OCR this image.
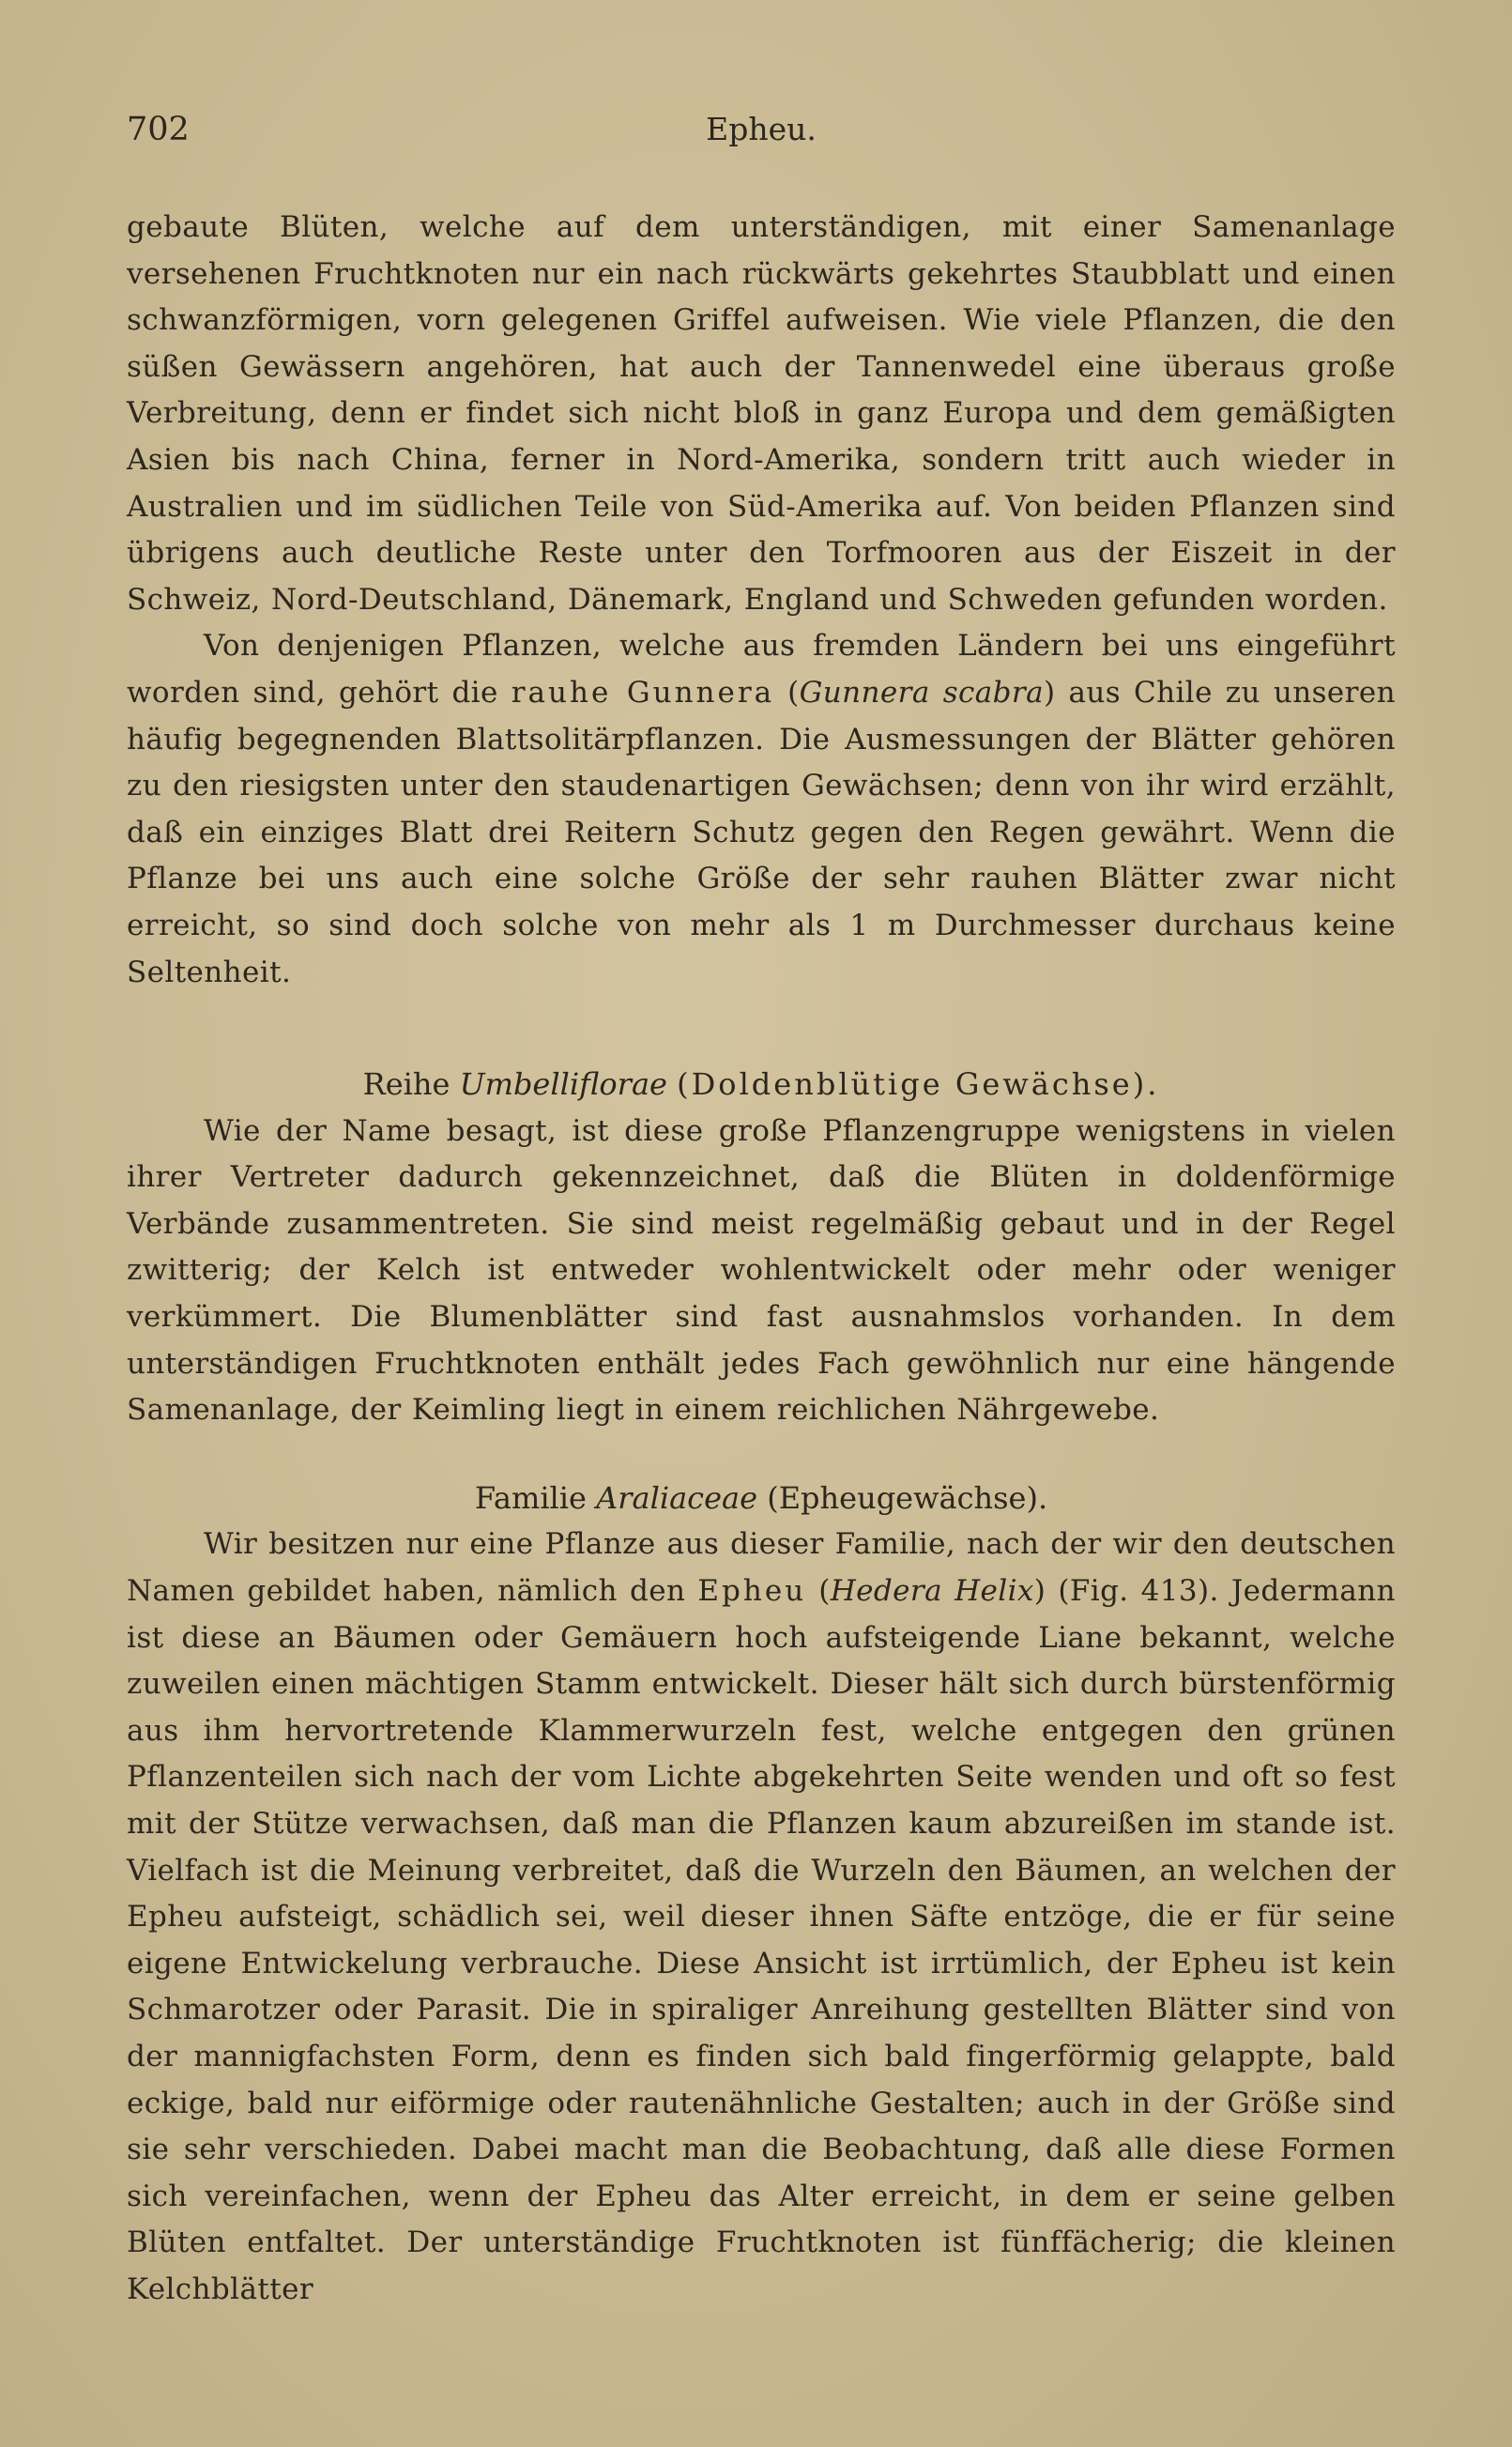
702	Epheu.

gebaute Blüten, welche auf dem unterständigen, mit einer Samenanlage versehenen Fruchtknoten nur ein nach rückwärts gekehrtes Staubblatt und einen schwanzförmigen, vorn gelegenen Griffel aufweisen. Wie viele Pflanzen, die den süßen Gewässern angehören, hat auch der Tannenwedel eine überaus große Verbreitung, denn er findet sich nicht bloß in ganz Europa und dem gemäßigten Asien bis nach China, ferner in Nord-Amerika, sondern tritt auch wieder in Australien und im südlichen Teile von Süd-Amerika auf. Von beiden Pflanzen sind übrigens auch deutliche Reste unter den Torfmooren aus der Eiszeit in der Schweiz, Nord-Deutschland, Dänemark, England und Schweden gefunden worden.

Von denjenigen Pflanzen, welche aus fremden Ländern bei uns eingeführt worden sind, gehört die rauhe Gunnera (Gunnera scabra) aus Chile zu unseren häufig begegnenden Blattsolitärpflanzen. Die Ausmessungen der Blätter gehören zu den riesigsten unter den staudenartigen Gewächsen; denn von ihr wird erzählt, daß ein einziges Blatt drei Reitern Schutz gegen den Regen gewährt. Wenn die Pflanze bei uns auch eine solche Größe der sehr rauhen Blätter zwar nicht erreicht, so sind doch solche von mehr als 1 m Durchmesser durchaus keine Seltenheit.

Reihe Umbelliflorae (Doldenblütige Gewächse).

Wie der Name besagt, ist diese große Pflanzengruppe wenigstens in vielen ihrer Vertreter dadurch gekennzeichnet, daß die Blüten in doldenförmige Verbände zusammentreten. Sie sind meist regelmäßig gebaut und in der Regel zwitterig; der Kelch ist entweder wohlentwickelt oder mehr oder weniger verkümmert. Die Blumenblätter sind fast ausnahmslos vorhanden. In dem unterständigen Fruchtknoten enthält jedes Fach gewöhnlich nur eine hängende Samenanlage, der Keimling liegt in einem reichlichen Nährgewebe.

Familie Araliaceae (Epheugewächse).

Wir besitzen nur eine Pflanze aus dieser Familie, nach der wir den deutschen Namen gebildet haben, nämlich den Epheu (Hedera Helix) (Fig. 413). Jedermann ist diese an Bäumen oder Gemäuern hoch aufsteigende Liane bekannt, welche zuweilen einen mächtigen Stamm entwickelt. Dieser hält sich durch bürstenförmig aus ihm hervortretende Klammerwurzeln fest, welche entgegen den grünen Pflanzenteilen sich nach der vom Lichte abgekehrten Seite wenden und oft so fest mit der Stütze verwachsen, daß man die Pflanzen kaum abzureißen im stande ist. Vielfach ist die Meinung verbreitet, daß die Wurzeln den Bäumen, an welchen der Epheu aufsteigt, schädlich sei, weil dieser ihnen Säfte entzöge, die er für seine eigene Entwickelung verbrauche. Diese Ansicht ist irrtümlich, der Epheu ist kein Schmarotzer oder Parasit. Die in spiraliger Anreihung gestellten Blätter sind von der mannigfachsten Form, denn es finden sich bald fingerförmig gelappte, bald eckige, bald nur eiförmige oder rautenähnliche Gestalten; auch in der Größe sind sie sehr verschieden. Dabei macht man die Beobachtung, daß alle diese Formen sich vereinfachen, wenn der Epheu das Alter erreicht, in dem er seine gelben Blüten entfaltet. Der unterständige Fruchtknoten ist fünffächerig; die kleinen Kelchblätter
